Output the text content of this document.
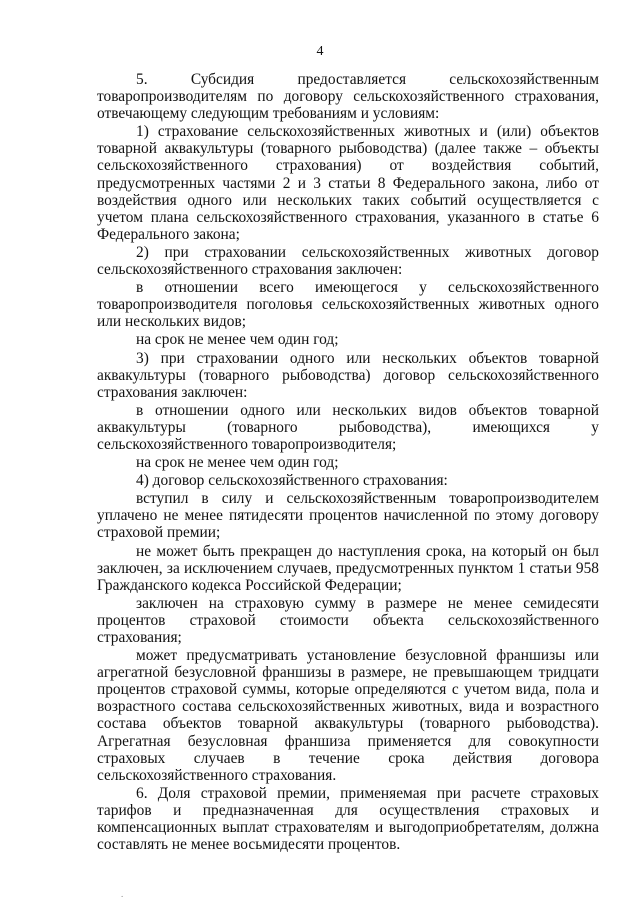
4

5. Субсидия предоставляется сельскохозяйственным товаропроизводителям по договору сельскохозяйственного страхования, отвечающему следующим требованиям и условиям:

1) страхование сельскохозяйственных животных и (или) объектов товарной аквакультуры (товарного рыбоводства) (далее также – объекты сельскохозяйственного страхования) от воздействия событий, предусмотренных частями 2 и 3 статьи 8 Федерального закона, либо от воздействия одного или нескольких таких событий осуществляется с учетом плана сельскохозяйственного страхования, указанного в статье 6 Федерального закона;

2) при страховании сельскохозяйственных животных договор сельскохозяйственного страхования заключен:

в отношении всего имеющегося у сельскохозяйственного товаропроизводителя поголовья сельскохозяйственных животных одного или нескольких видов;

на срок не менее чем один год;

3) при страховании одного или нескольких объектов товарной аквакультуры (товарного рыбоводства) договор сельскохозяйственного страхования заключен:

в отношении одного или нескольких видов объектов товарной аквакультуры (товарного рыбоводства), имеющихся у сельскохозяйственного товаропроизводителя;

на срок не менее чем один год;

4) договор сельскохозяйственного страхования:

вступил в силу и сельскохозяйственным товаропроизводителем уплачено не менее пятидесяти процентов начисленной по этому договору страховой премии;

не может быть прекращен до наступления срока, на который он был заключен, за исключением случаев, предусмотренных пунктом 1 статьи 958 Гражданского кодекса Российской Федерации;

заключен на страховую сумму в размере не менее семидесяти процентов страховой стоимости объекта сельскохозяйственного страхования;

может предусматривать установление безусловной франшизы или агрегатной безусловной франшизы в размере, не превышающем тридцати процентов страховой суммы, которые определяются с учетом вида, пола и возрастного состава сельскохозяйственных животных, вида и возрастного состава объектов товарной аквакультуры (товарного рыбоводства). Агрегатная безусловная франшиза применяется для совокупности страховых случаев в течение срока действия договора сельскохозяйственного страхования.

6. Доля страховой премии, применяемая при расчете страховых тарифов и предназначенная для осуществления страховых и компенсационных выплат страхователям и выгодоприобретателям, должна составлять не менее восьмидесяти процентов.

.
